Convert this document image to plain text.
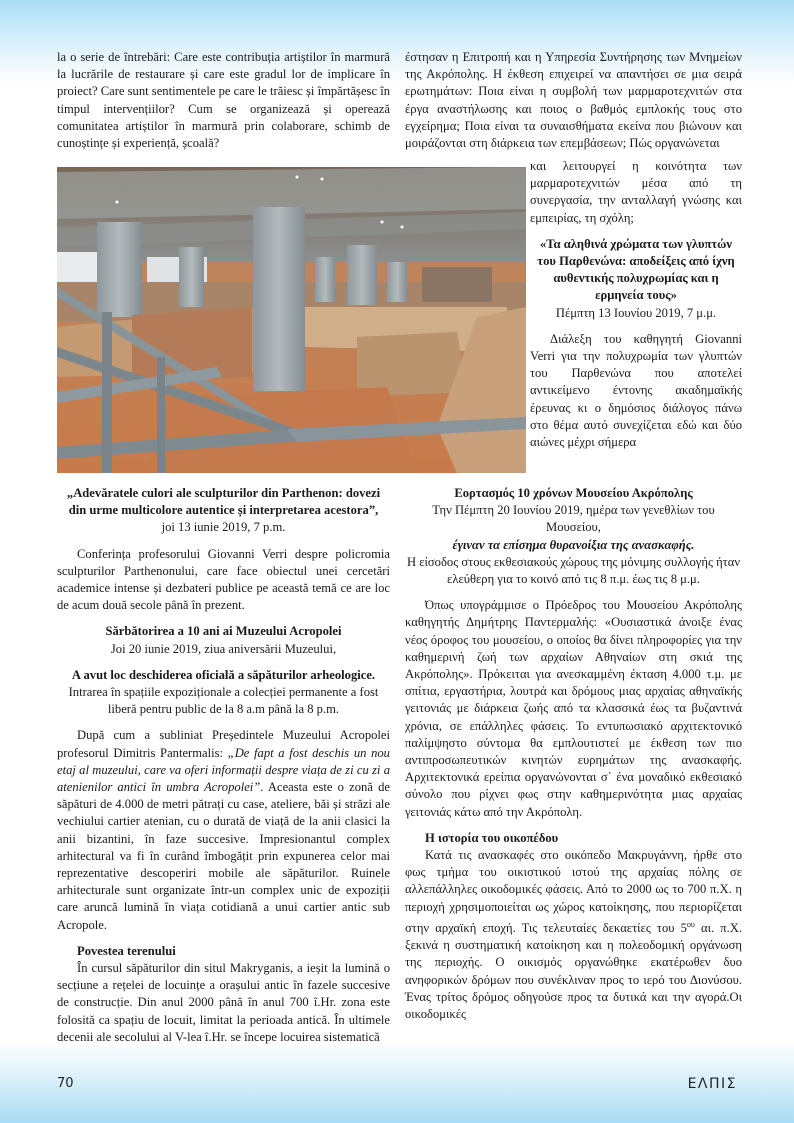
la o serie de întrebări: Care este contribuția artiștilor în marmură la lucrările de restaurare și care este gradul lor de implicare în proiect? Care sunt sentimentele pe care le trăiesc și împărtășesc în timpul intervențiilor? Cum se organizează și operează comunitatea artiștilor în marmură prin colaborare, schimb de cunoștințe și experiență, școală?

έστησαν η Επιτροπή και η Υπηρεσία Συντήρησης των Μνημείων της Ακρόπολης. Η έκθεση επιχειρεί να απαντήσει σε μια σειρά ερωτημάτων: Ποια είναι η συμβολή των μαρμαροτεχνιτών στα έργα αναστήλωσης και ποιος ο βαθμός εμπλοκής τους στο εγχείρημα; Ποια είναι τα συναισθήματα εκείνα που βιώνουν και μοιράζονται στη διάρκεια των επεμβάσεων; Πώς οργανώνεται

και λειτουργεί η κοινότητα των μαρμαροτεχνιτών μέσα από τη συνεργασία, την ανταλλαγή γνώσης και εμπειρίας, τη σχόλη;

«Τα αληθινά χρώματα των γλυπτών του Παρθενώνα: αποδείξεις από ίχνη αυθεντικής πολυχρωμίας και η ερμηνεία τους»

Πέμπτη 13 Ιουνίου 2019, 7 μ.μ.

Διάλεξη του καθηγητή Giovanni Verri για την πολυχρωμία των γλυπτών του Παρθενώνα που αποτελεί αντικείμενο έντονης ακαδημαϊκής έρευνας κι ο δημόσιος διάλογος πάνω στο θέμα αυτό συνεχίζεται εδώ και δύο αιώνες μέχρι σήμερα

„Adevăratele culori ale sculpturilor din Parthenon: dovezi din urme multicolore autentice și interpretarea acestora”,

joi 13 iunie 2019, 7 p.m.

Conferința profesorului Giovanni Verri despre policromia sculpturilor Parthenonului, care face obiectul unei cercetări academice intense și dezbateri publice pe această temă ce are loc de acum două secole până în prezent.

Sărbătorirea a 10 ani ai Muzeului Acropolei

Joi 20 iunie 2019, ziua aniversării Muzeului,

A avut loc deschiderea oficială a săpăturilor arheologice.

Intrarea în spațiile expoziționale a colecției permanente a fost liberă pentru public de la 8 a.m până la 8 p.m.

După cum a subliniat Președintele Muzeului Acropolei profesorul Dimitris Pantermalis: „De fapt a fost deschis un nou etaj al muzeului, care va oferi informații despre viața de zi cu zi a atenienilor antici în umbra Acropolei”. Aceasta este o zonă de săpături de 4.000 de metri pătrați cu case, ateliere, băi și străzi ale vechiului cartier atenian, cu o durată de viață de la anii clasici la anii bizantini, în faze succesive. Impresionantul complex arhitectural va fi în curând îmbogățit prin expunerea celor mai reprezentative descoperiri mobile ale săpăturilor. Ruinele arhitecturale sunt organizate într-un complex unic de expoziții care aruncă lumină în viața cotidiană a unui cartier antic sub Acropole.

Povestea terenului

În cursul săpăturilor din situl Makryganis, a ieșit la lumină o secțiune a rețelei de locuințe a orașului antic în fazele succesive de construcție. Din anul 2000 până în anul 700 î.Hr. zona este folosită ca spațiu de locuit, limitat la perioada antică. În ultimele decenii ale secolului al V-lea î.Hr. se începe locuirea sistematică

Εορτασμός 10 χρόνων Μουσείου Ακρόπολης

Την Πέμπτη 20 Ιουνίου 2019, ημέρα των γενεθλίων του Μουσείου,

έγιναν τα επίσημα θυρανοίξια της ανασκαφής.

Η είσοδος στους εκθεσιακούς χώρους της μόνιμης συλλογής ήταν ελεύθερη για το κοινό από τις 8 π.μ. έως τις 8 μ.μ.

Όπως υπογράμμισε ο Πρόεδρος του Μουσείου Ακρόπολης καθηγητής Δημήτρης Παντερμαλής: «Ουσιαστικά άνοιξε ένας νέος όροφος του μουσείου, ο οποίος θα δίνει πληροφορίες για την καθημερινή ζωή των αρχαίων Αθηναίων στη σκιά της Ακρόπολης». Πρόκειται για ανεσκαμμένη έκταση 4.000 τ.μ. με σπίτια, εργαστήρια, λουτρά και δρόμους μιας αρχαίας αθηναϊκής γειτονιάς με διάρκεια ζωής από τα κλασσικά έως τα βυζαντινά χρόνια, σε επάλληλες φάσεις. Το εντυπωσιακό αρχιτεκτονικό παλίμψηστο σύντομα θα εμπλουτιστεί με έκθεση των πιο αντιπροσωπευτικών κινητών ευρημάτων της ανασκαφής. Αρχιτεκτονικά ερείπια οργανώνονται σ᾽ ένα μοναδικό εκθεσιακό σύνολο που ρίχνει φως στην καθημερινότητα μιας αρχαίας γειτονιάς κάτω από την Ακρόπολη.

Η ιστορία του οικοπέδου

Κατά τις ανασκαφές στο οικόπεδο Μακρυγάννη, ήρθε στο φως τμήμα του οικιστικού ιστού της αρχαίας πόλης σε αλλεπάλληλες οικοδομικές φάσεις. Από το 2000 ως το 700 π.Χ. η περιοχή χρησιμοποιείται ως χώρος κατοίκησης, που περιορίζεται στην αρχαϊκή εποχή. Τις τελευταίες δεκαετίες του $5^{o\upsilon}$ αι. π.Χ. ξεκινά η συστηματική κατοίκηση και η πολεοδομική οργάνωση της περιοχής. Ο οικισμός οργανώθηκε εκατέρωθεν δυο ανηφορικών δρόμων που συνέκλιναν προς το ιερό του Διονύσου. Ένας τρίτος δρόμος οδηγούσε προς τα δυτικά και την αγορά.Οι οικοδομικές

70	ΕΛΠΙΣ
